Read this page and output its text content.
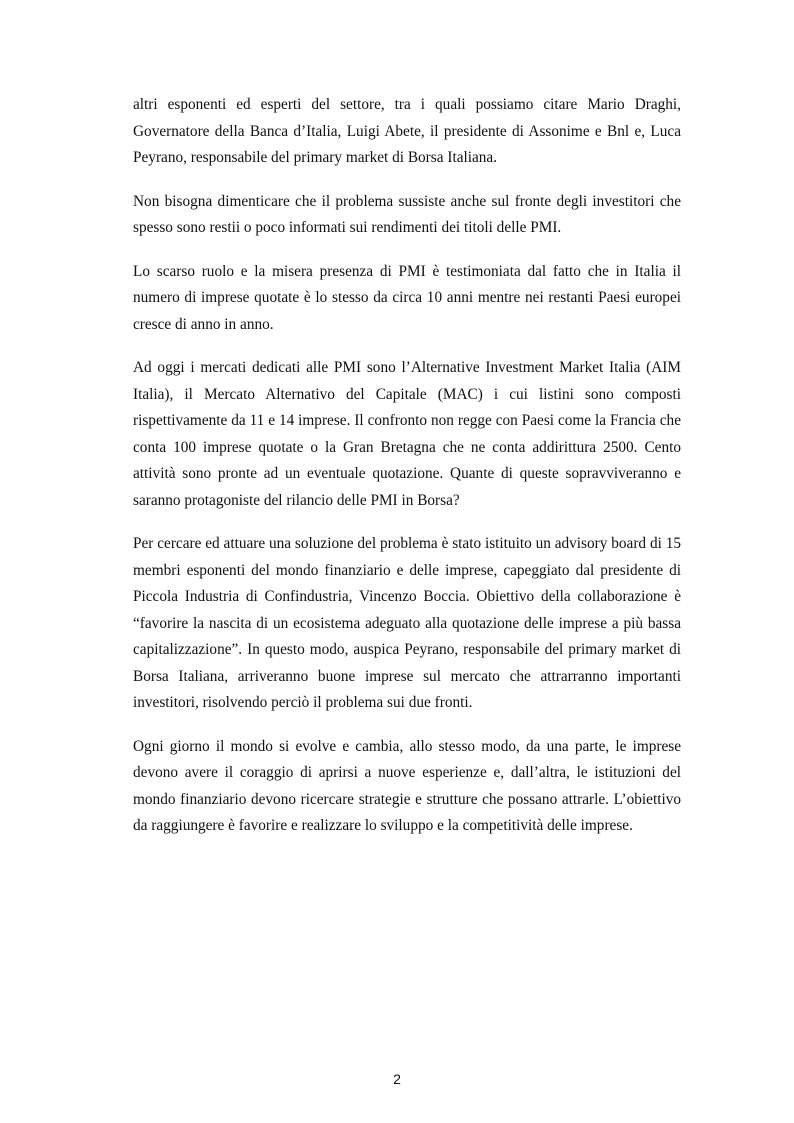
altri esponenti ed esperti del settore, tra i quali possiamo citare Mario Draghi, Governatore della Banca d’Italia, Luigi Abete, il presidente di Assonime e Bnl e, Luca Peyrano, responsabile del primary market di Borsa Italiana.

Non bisogna dimenticare che il problema sussiste anche sul fronte degli investitori che spesso sono restii o poco informati sui rendimenti dei titoli delle PMI.

Lo scarso ruolo e la misera presenza di PMI è testimoniata dal fatto che in Italia il numero di imprese quotate è lo stesso da circa 10 anni mentre nei restanti Paesi europei cresce di anno in anno.

Ad oggi i mercati dedicati alle PMI sono l’Alternative Investment Market Italia (AIM Italia), il Mercato Alternativo del Capitale (MAC) i cui listini sono composti rispettivamente da 11 e 14 imprese. Il confronto non regge con Paesi come la Francia che conta 100 imprese quotate o la Gran Bretagna che ne conta addirittura 2500. Cento attività sono pronte ad un eventuale quotazione. Quante di queste sopravviveranno e saranno protagoniste del rilancio delle PMI in Borsa?

Per cercare ed attuare una soluzione del problema è stato istituito un advisory board di 15 membri esponenti del mondo finanziario e delle imprese, capeggiato dal presidente di Piccola Industria di Confindustria, Vincenzo Boccia. Obiettivo della collaborazione è “favorire la nascita di un ecosistema adeguato alla quotazione delle imprese a più bassa capitalizzazione”. In questo modo, auspica Peyrano, responsabile del primary market di Borsa Italiana, arriveranno buone imprese sul mercato che attrarranno importanti investitori, risolvendo perciò il problema sui due fronti.

Ogni giorno il mondo si evolve e cambia, allo stesso modo, da una parte, le imprese devono avere il coraggio di aprirsi a nuove esperienze e, dall’altra, le istituzioni del mondo finanziario devono ricercare strategie e strutture che possano attrarle. L’obiettivo da raggiungere è favorire e realizzare lo sviluppo e la competitività delle imprese.

2
